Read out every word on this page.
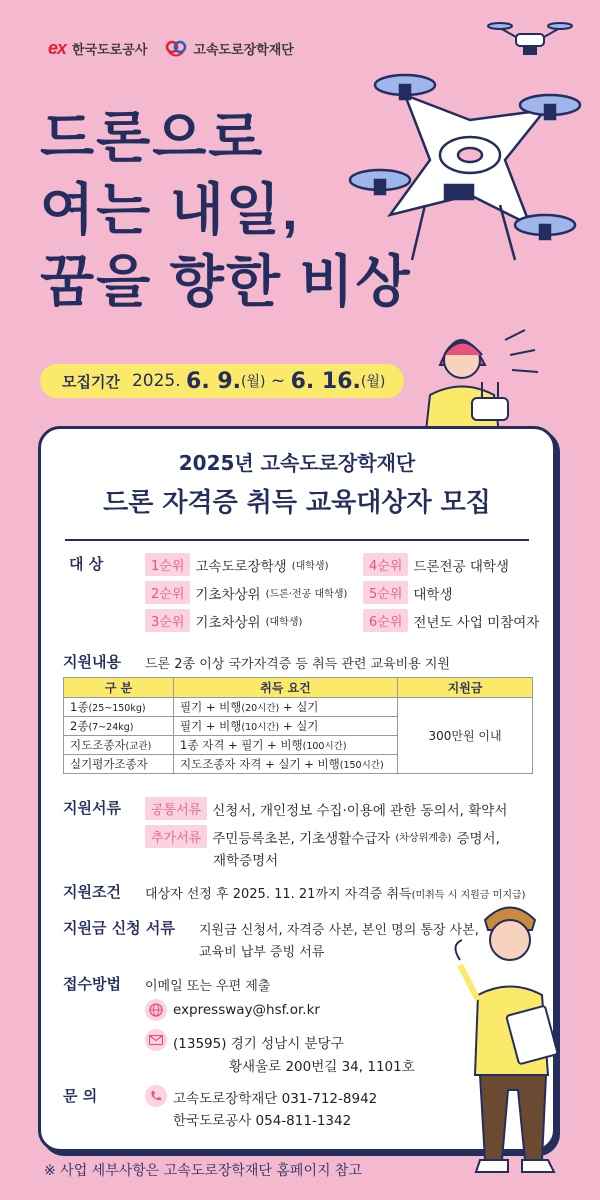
ex 한국도로공사	고속도로장학재단
드론으로
여는 내일,
꿈을 향한 비상
모집기간 2025.
6. 9. (월)
~
6. 16. (월)
2025년 고속도로장학재단
드론 자격증 취득 교육대상자 모집
대 상	1순위 고속도로장학생 (대학생)
2순위 기초차상위 (드론·전공 대학생)
3순위 기초차상위 (대학생)
4순위 드론전공 대학생
5순위 대학생
6순위 전년도 사업 미참여자
지원내용 드론 2종 이상 국가자격증 등 취득 관련 교육비용 지원
구 분	취득 요건	지원금
1종(25~150kg)	필기 + 비행(20시간) + 실기	300만원 이내
2종(7~24kg)	필기 + 비행(10시간) + 실기	
지도조종자(교관)	1종 자격 + 필기 + 비행(100시간)	
실기평가조종자	지도조종자 자격 + 실기 + 비행(150시간)	
지원서류	공통서류 신청서, 개인정보 수집·이용에 관한 동의서, 확약서
추가서류 주민등록초본, 기초생활수급자 (차상위계층) 증명서,
재학증명서
지원조건 대상자 선정 후 2025. 11. 21까지 자격증 취득(미취득 시 지원금 미지급)
지원금 신청 서류 지원금 신청서, 자격증 사본, 본인 명의 통장 사본,
교육비 납부 증빙 서류
접수방법 이메일 또는 우편 제출
expressway@hsf.or.kr
(13595) 경기 성남시 분당구
황새울로 200번길 34, 1101호
문 의	고속도로장학재단 031-712-8942
한국도로공사 054-811-1342
※ 사업 세부사항은 고속도로장학재단 홈페이지 참고
